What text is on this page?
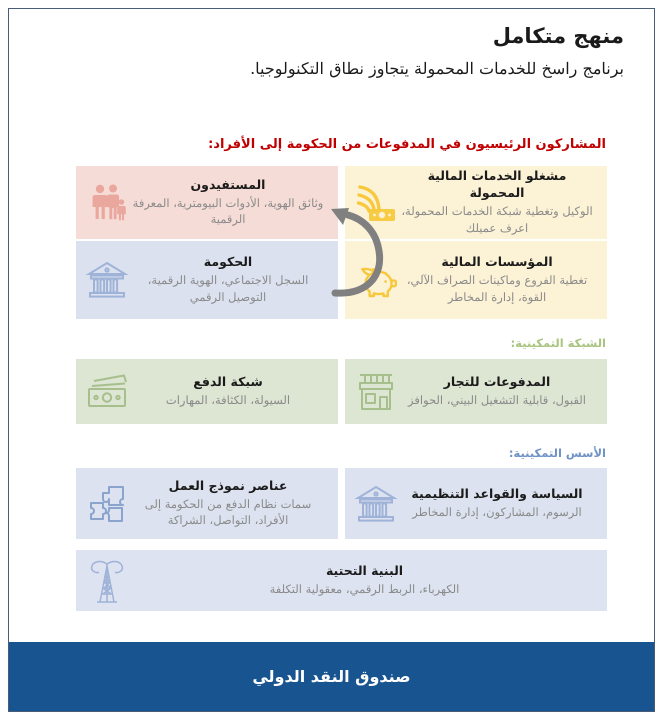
منهج متكامل

برنامج راسخ للخدمات المحمولة يتجاوز نطاق التكنولوجيا.

المشاركون الرئيسيون في المدفوعات من الحكومة إلى الأفراد:
الشبكة التمكينية:
الأسس التمكينية:

المستفيدون

وثائق الهوية، الأدوات البيومترية، المعرفة الرقمية

مشغلو الخدمات المالية المحمولة

الوكيل وتغطية شبكة الخدمات المحمولة، اعرف عميلك

الحكومة

السجل الاجتماعي، الهوية الرقمية، التوصيل الرقمي

المؤسسات المالية

تغطية الفروع وماكينات الصراف الآلي، القوة، إدارة المخاطر

شبكة الدفع

السيولة، الكثافة، المهارات

المدفوعات للتجار

القبول، قابلية التشغيل البيني، الحوافز

عناصر نموذج العمل

سمات نظام الدفع من الحكومة إلى الأفراد، التواصل، الشراكة

السياسة والقواعد التنظيمية

الرسوم، المشاركون، إدارة المخاطر

البنية التحتية

الكهرباء، الربط الرقمي، معقولية التكلفة

صندوق النقد الدولي
